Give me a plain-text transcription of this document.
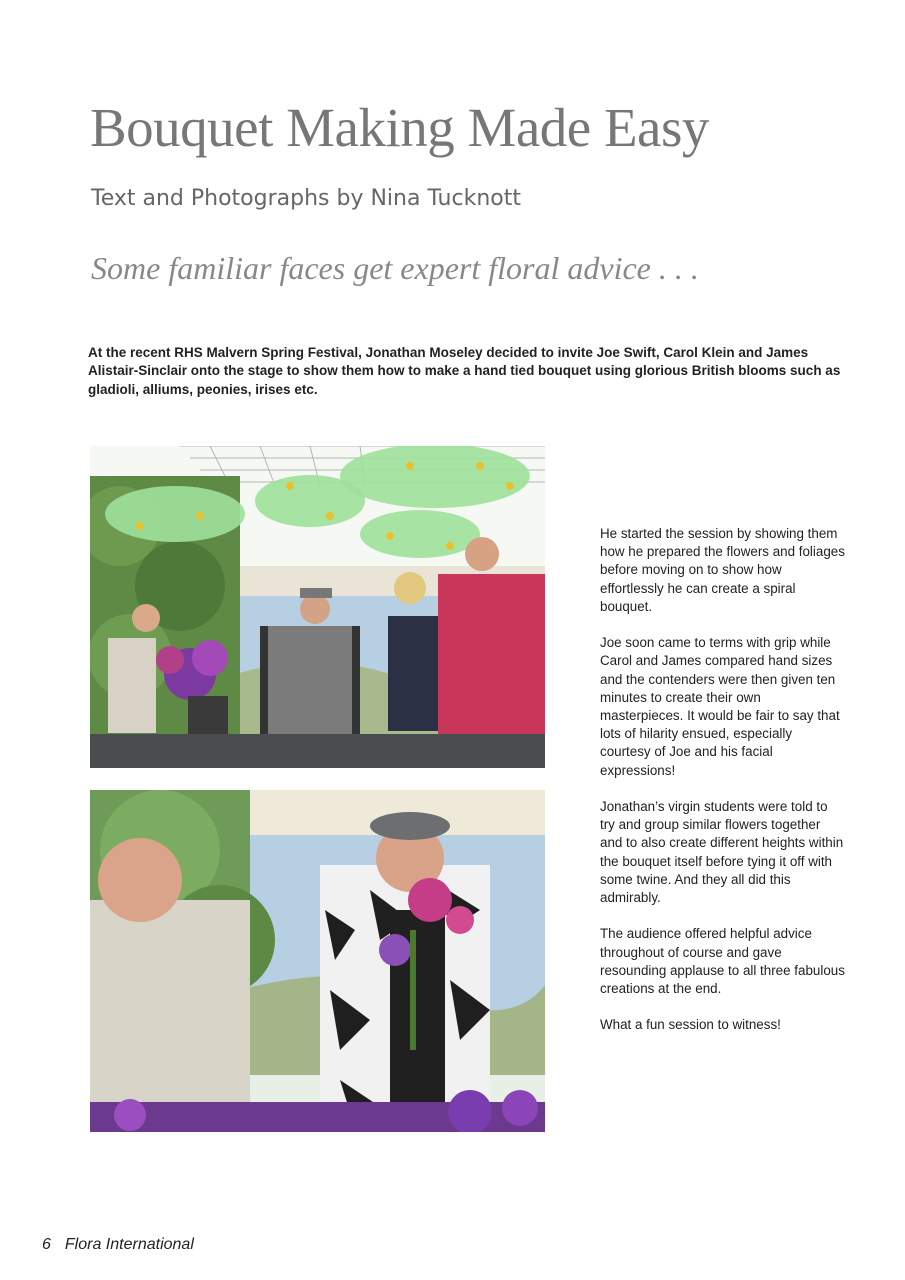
Bouquet Making Made Easy
Text and Photographs by Nina Tucknott
Some familiar faces get expert floral advice . . .

At the recent RHS Malvern Spring Festival, Jonathan Moseley decided to invite Joe Swift, Carol Klein and James Alistair-Sinclair onto the stage to show them how to make a hand tied bouquet using glorious British blooms such as gladioli, alliums, peonies, irises etc.

He started the session by showing them how he prepared the flowers and foliages before moving on to show how effortlessly he can create a spiral bouquet.

Joe soon came to terms with grip while Carol and James compared hand sizes and the contenders were then given ten minutes to create their own masterpieces. It would be fair to say that lots of hilarity ensued, especially courtesy of Joe and his facial expressions!

Jonathan’s virgin students were told to try and group similar flowers together and to also create different heights within the bouquet itself before tying it off with some twine. And they all did this admirably.

The audience offered helpful advice throughout of course and gave resounding applause to all three fabulous creations at the end.

What a fun session to witness!

6 Flora International
